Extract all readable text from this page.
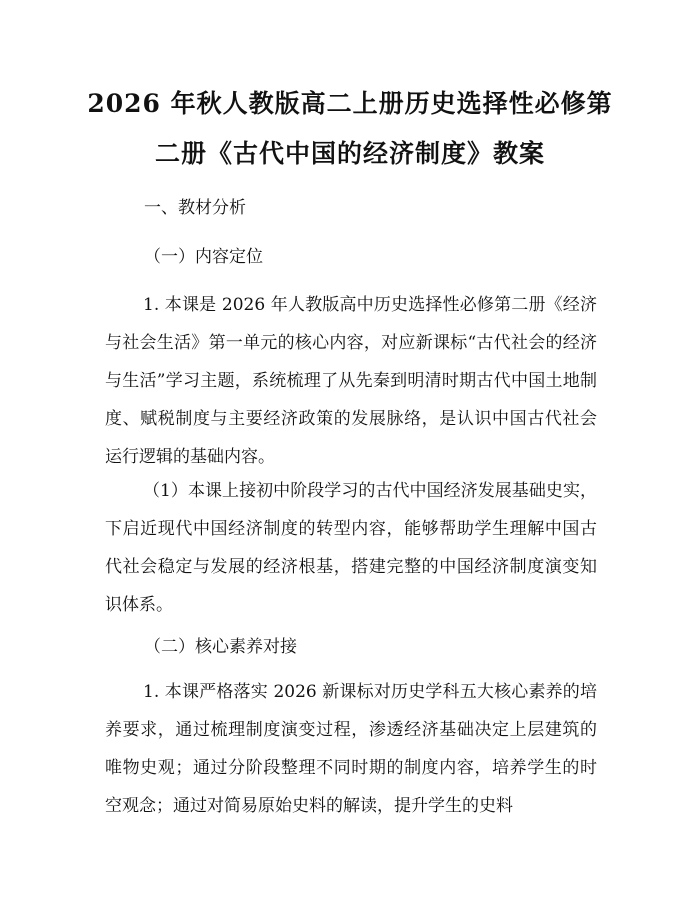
2026 年秋人教版高二上册历史选择性必修第
二册《古代中国的经济制度》教案
一、教材分析
（一）内容定位
1. 本课是 2026 年人教版高中历史选择性必修第二册《经济与社会生活》第一单元的核心内容，对应新课标“古代社会的经济与生活”学习主题，系统梳理了从先秦到明清时期古代中国土地制度、赋税制度与主要经济政策的发展脉络，是认识中国古代社会运行逻辑的基础内容。
（1）本课上接初中阶段学习的古代中国经济发展基础史实，下启近现代中国经济制度的转型内容，能够帮助学生理解中国古代社会稳定与发展的经济根基，搭建完整的中国经济制度演变知识体系。
（二）核心素养对接
1. 本课严格落实 2026 新课标对历史学科五大核心素养的培养要求，通过梳理制度演变过程，渗透经济基础决定上层建筑的唯物史观；通过分阶段整理不同时期的制度内容，培养学生的时空观念；通过对简易原始史料的解读，提升学生的史料
